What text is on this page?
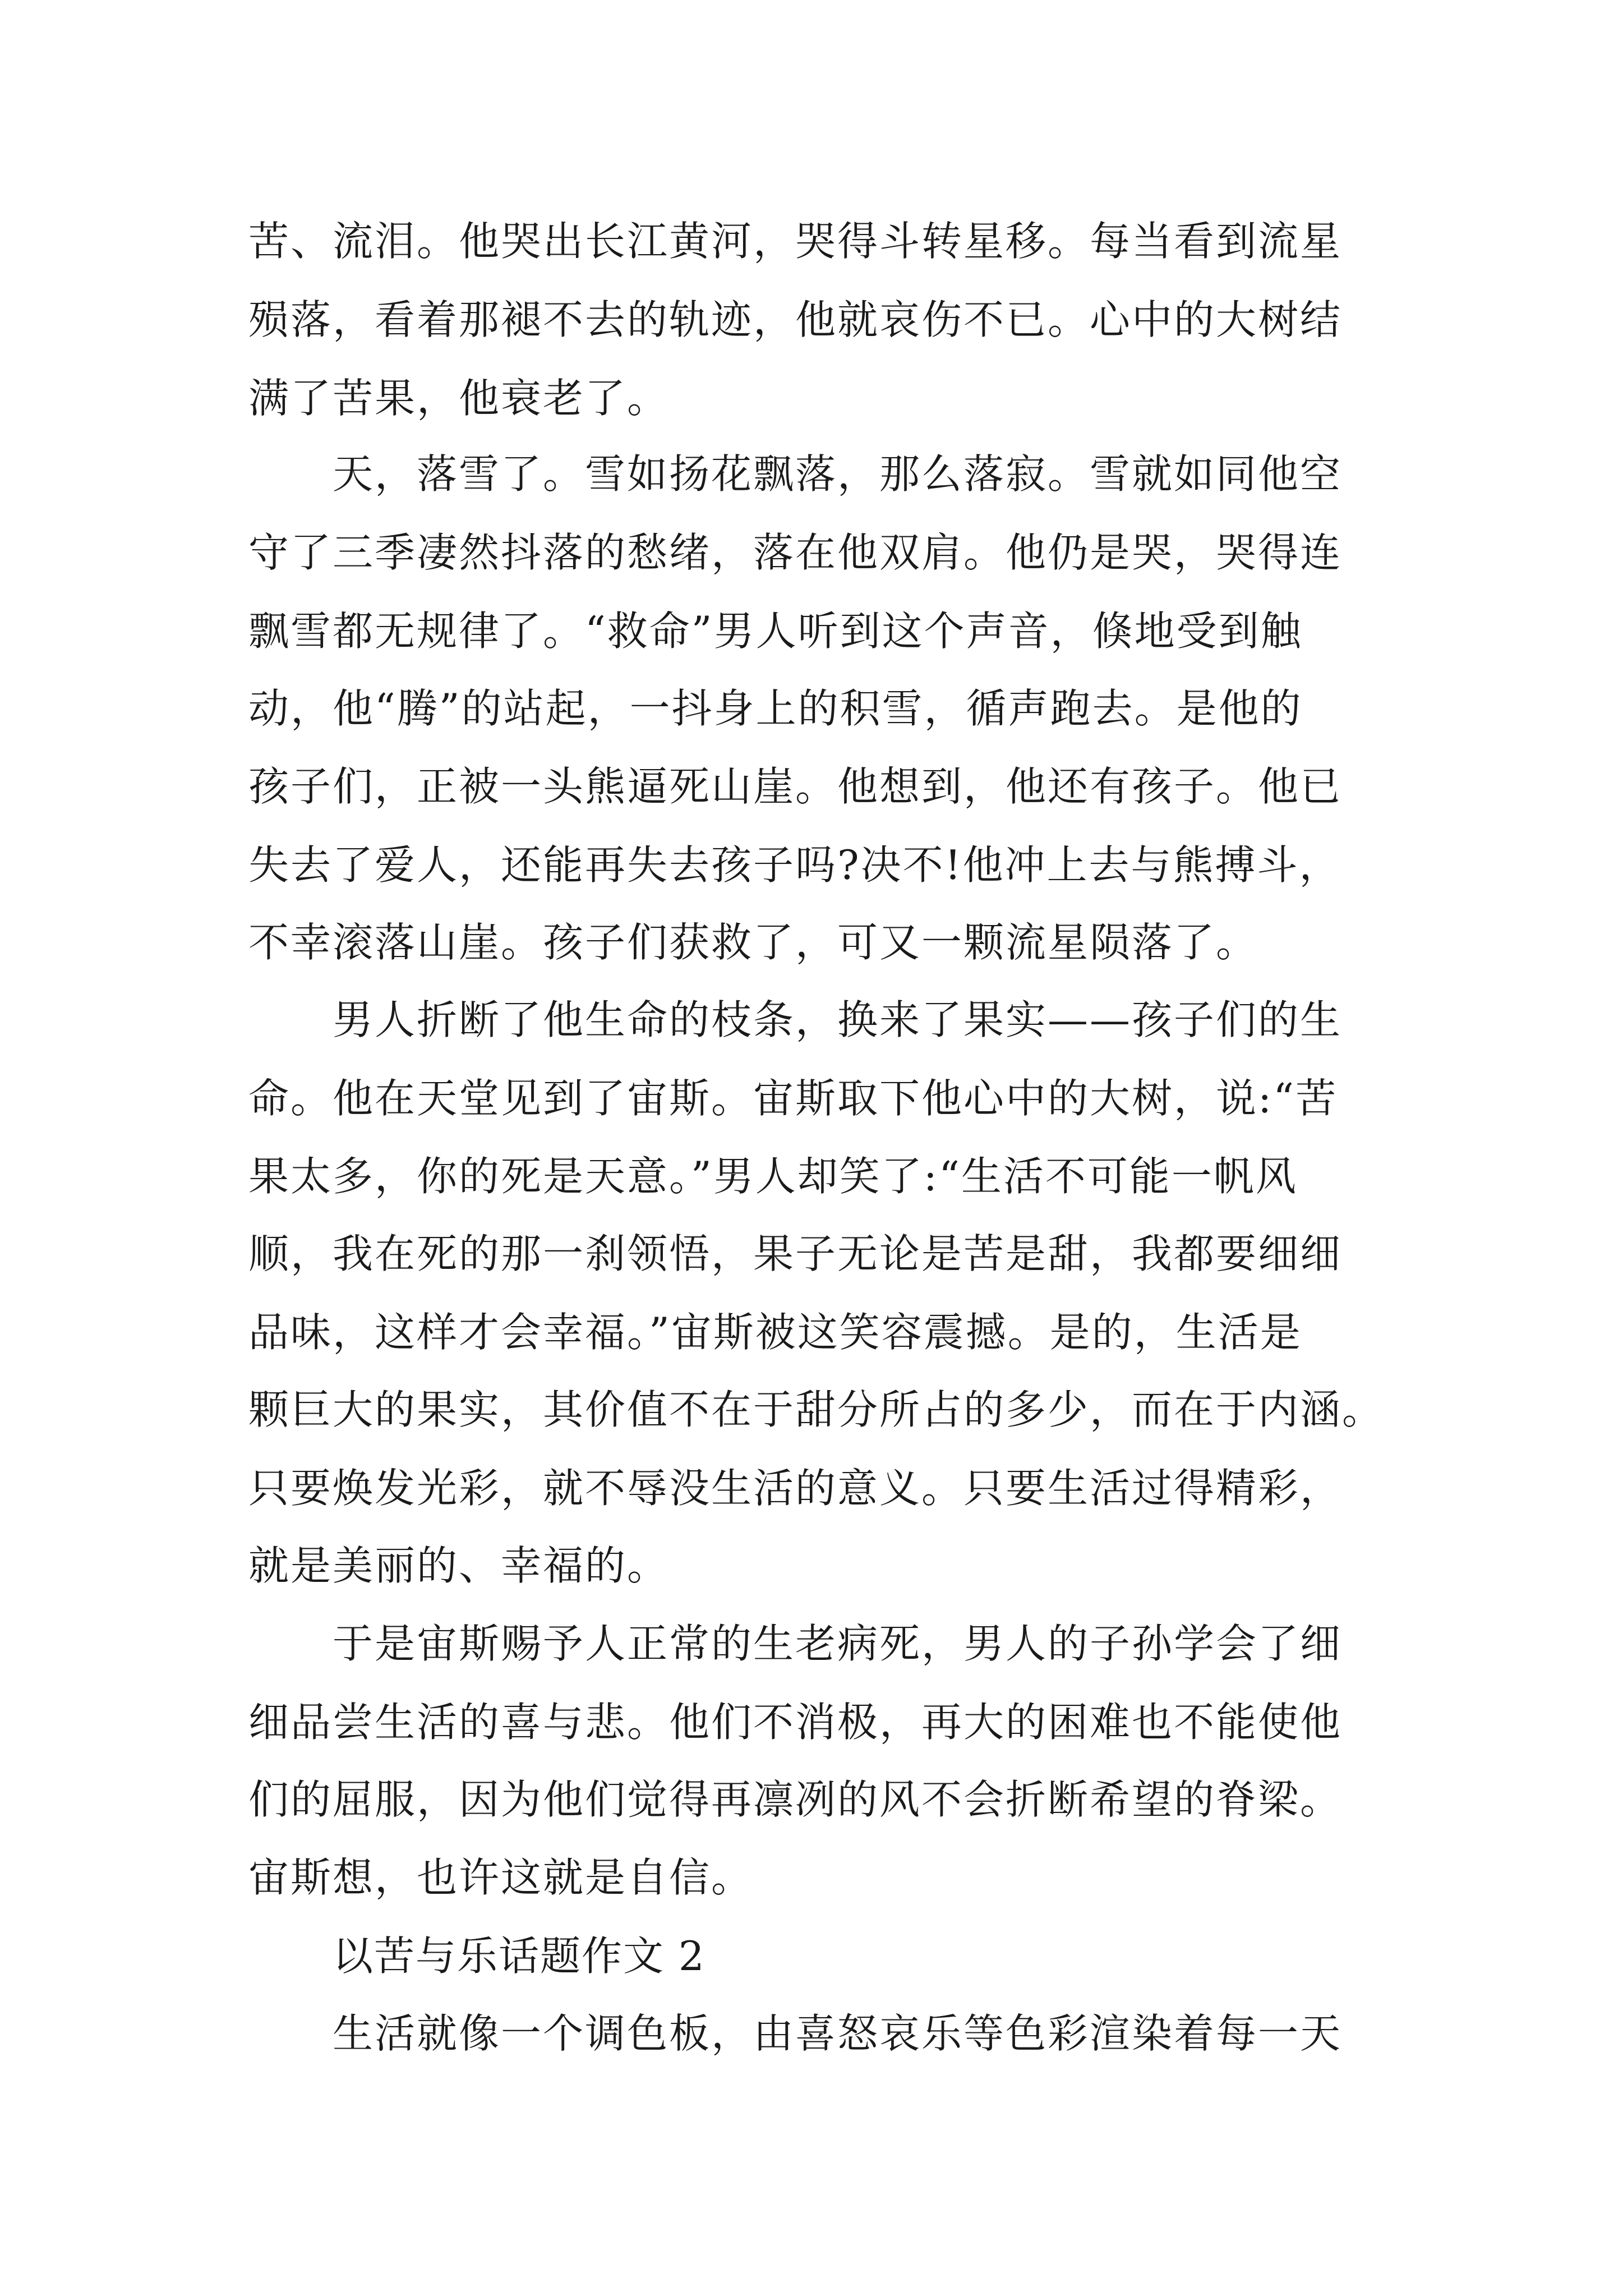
苦、流泪。他哭出长江黄河，哭得斗转星移。每当看到流星
殒落，看着那褪不去的轨迹，他就哀伤不已。心中的大树结
满了苦果，他衰老了。
天，落雪了。雪如扬花飘落，那么落寂。雪就如同他空
守了三季凄然抖落的愁绪，落在他双肩。他仍是哭，哭得连
飘雪都无规律了。“救命”男人听到这个声音，倏地受到触
动，他“腾”的站起，一抖身上的积雪，循声跑去。是他的
孩子们，正被一头熊逼死山崖。他想到，他还有孩子。他已
失去了爱人，还能再失去孩子吗?决不!他冲上去与熊搏斗，
不幸滚落山崖。孩子们获救了，可又一颗流星陨落了。
男人折断了他生命的枝条，换来了果实——孩子们的生
命。他在天堂见到了宙斯。宙斯取下他心中的大树，说:“苦
果太多，你的死是天意。”男人却笑了:“生活不可能一帆风
顺，我在死的那一刹领悟，果子无论是苦是甜，我都要细细
品味，这样才会幸福。”宙斯被这笑容震撼。是的，生活是
颗巨大的果实，其价值不在于甜分所占的多少，而在于内涵。
只要焕发光彩，就不辱没生活的意义。只要生活过得精彩，
就是美丽的、幸福的。
于是宙斯赐予人正常的生老病死，男人的子孙学会了细
细品尝生活的喜与悲。他们不消极，再大的困难也不能使他
们的屈服，因为他们觉得再凛冽的风不会折断希望的脊梁。
宙斯想，也许这就是自信。
以苦与乐话题作文 2
生活就像一个调色板，由喜怒哀乐等色彩渲染着每一天
